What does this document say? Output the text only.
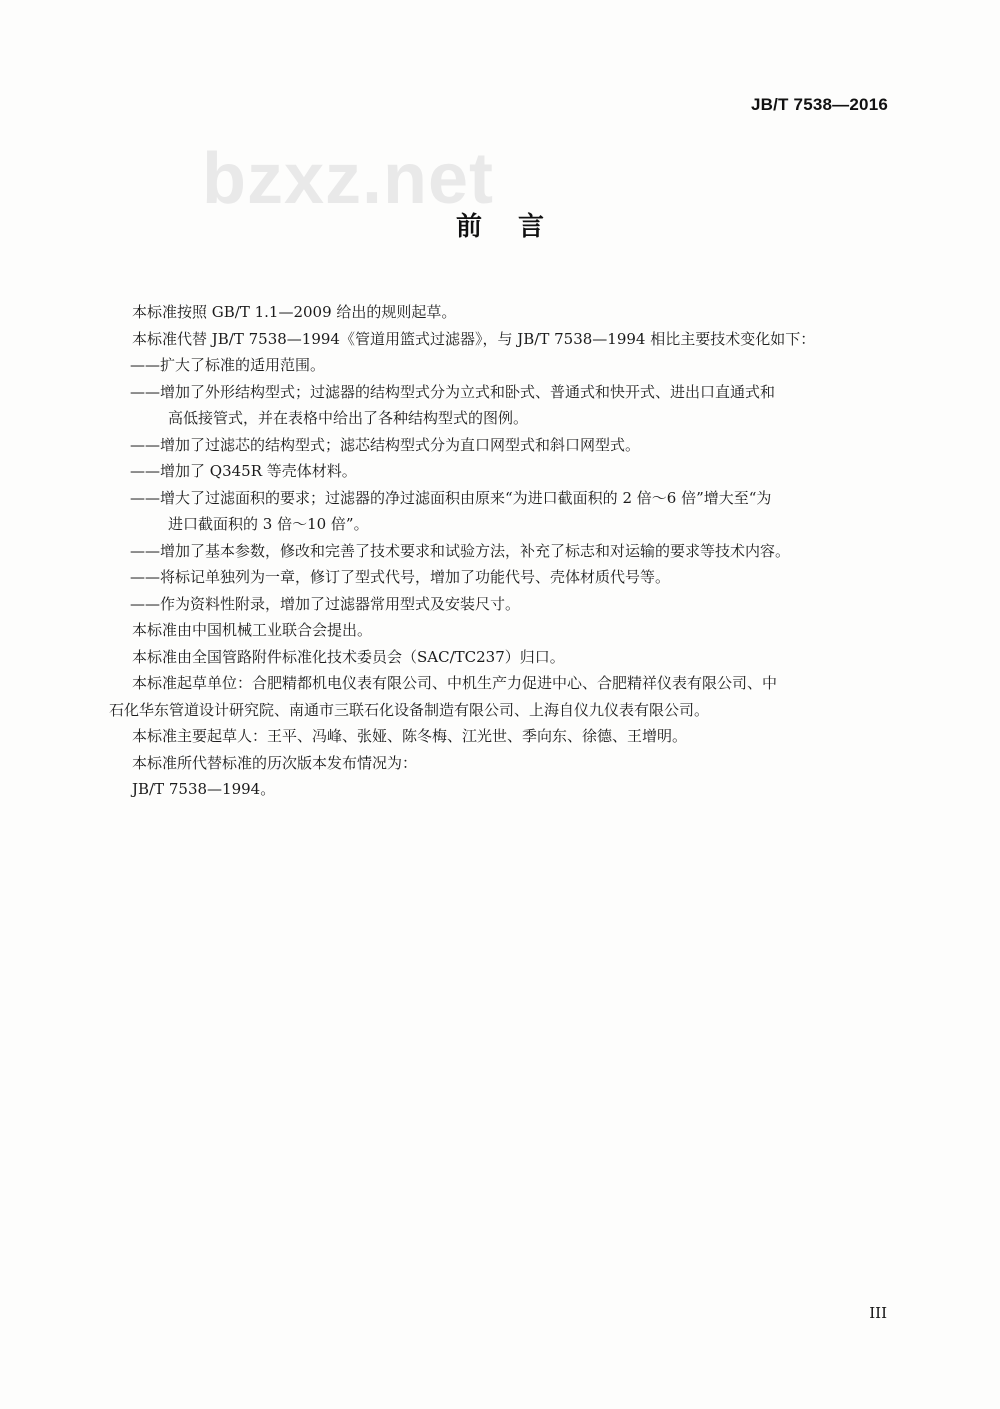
JB/T 7538—2016
bzxz.net
前言

本标准按照 GB/T 1.1—2009 给出的规则起草。

本标准代替 JB/T 7538—1994《管道用篮式过滤器》，与 JB/T 7538—1994 相比主要技术变化如下：

——扩大了标准的适用范围。

——增加了外形结构型式；过滤器的结构型式分为立式和卧式、普通式和快开式、进出口直通式和
高低接管式，并在表格中给出了各种结构型式的图例。

——增加了过滤芯的结构型式；滤芯结构型式分为直口网型式和斜口网型式。

——增加了 Q345R 等壳体材料。

——增大了过滤面积的要求；过滤器的净过滤面积由原来“为进口截面积的 2 倍～6 倍”增大至“为
进口截面积的 3 倍～10 倍”。

——增加了基本参数，修改和完善了技术要求和试验方法，补充了标志和对运输的要求等技术内容。

——将标记单独列为一章，修订了型式代号，增加了功能代号、壳体材质代号等。

——作为资料性附录，增加了过滤器常用型式及安装尺寸。

本标准由中国机械工业联合会提出。

本标准由全国管路附件标准化技术委员会（SAC/TC237）归口。

本标准起草单位：合肥精都机电仪表有限公司、中机生产力促进中心、合肥精祥仪表有限公司、中
石化华东管道设计研究院、南通市三联石化设备制造有限公司、上海自仪九仪表有限公司。

本标准主要起草人：王平、冯峰、张娅、陈冬梅、江光世、季向东、徐德、王增明。

本标准所代替标准的历次版本发布情况为：

JB/T 7538—1994。

III
